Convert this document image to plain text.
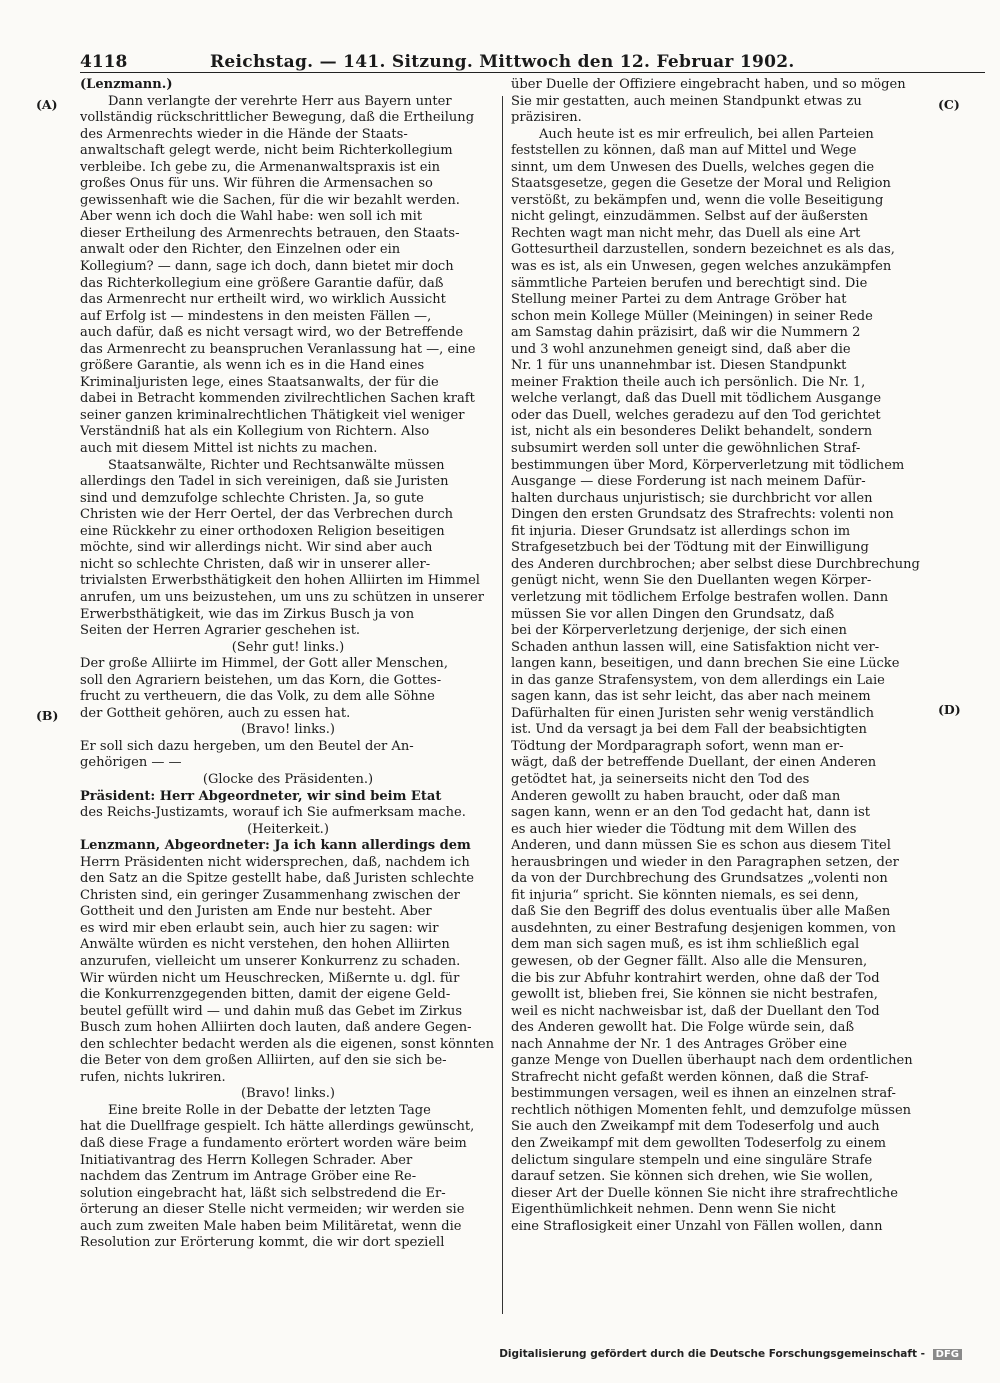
4118	Reichstag. — 141. Sitzung. Mittwoch den 12. Februar 1902.
(A)
(B)
(C)
(D)
(Lenzmann.)
Dann verlangte der verehrte Herr aus Bayern unter
vollständig rückschrittlicher Bewegung, daß die Ertheilung
des Armenrechts wieder in die Hände der Staats-
anwaltschaft gelegt werde, nicht beim Richterkollegium
verbleibe. Ich gebe zu, die Armenanwaltspraxis ist ein
großes Onus für uns. Wir führen die Armensachen so
gewissenhaft wie die Sachen, für die wir bezahlt werden.
Aber wenn ich doch die Wahl habe: wen soll ich mit
dieser Ertheilung des Armenrechts betrauen, den Staats-
anwalt oder den Richter, den Einzelnen oder ein
Kollegium? — dann, sage ich doch, dann bietet mir doch
das Richterkollegium eine größere Garantie dafür, daß
das Armenrecht nur ertheilt wird, wo wirklich Aussicht
auf Erfolg ist — mindestens in den meisten Fällen —,
auch dafür, daß es nicht versagt wird, wo der Betreffende
das Armenrecht zu beanspruchen Veranlassung hat —, eine
größere Garantie, als wenn ich es in die Hand eines
Kriminaljuristen lege, eines Staatsanwalts, der für die
dabei in Betracht kommenden zivilrechtlichen Sachen kraft
seiner ganzen kriminalrechtlichen Thätigkeit viel weniger
Verständniß hat als ein Kollegium von Richtern. Also
auch mit diesem Mittel ist nichts zu machen.
Staatsanwälte, Richter und Rechtsanwälte müssen
allerdings den Tadel in sich vereinigen, daß sie Juristen
sind und demzufolge schlechte Christen. Ja, so gute
Christen wie der Herr Oertel, der das Verbrechen durch
eine Rückkehr zu einer orthodoxen Religion beseitigen
möchte, sind wir allerdings nicht. Wir sind aber auch
nicht so schlechte Christen, daß wir in unserer aller-
trivialsten Erwerbsthätigkeit den hohen Alliirten im Himmel
anrufen, um uns beizustehen, um uns zu schützen in unserer
Erwerbsthätigkeit, wie das im Zirkus Busch ja von
Seiten der Herren Agrarier geschehen ist.
(Sehr gut! links.)
Der große Alliirte im Himmel, der Gott aller Menschen,
soll den Agrariern beistehen, um das Korn, die Gottes-
frucht zu vertheuern, die das Volk, zu dem alle Söhne
der Gottheit gehören, auch zu essen hat.
(Bravo! links.)
Er soll sich dazu hergeben, um den Beutel der An-
gehörigen — —
(Glocke des Präsidenten.)
Präsident: Herr Abgeordneter, wir sind beim Etat
des Reichs-Justizamts, worauf ich Sie aufmerksam mache.
(Heiterkeit.)
Lenzmann, Abgeordneter: Ja ich kann allerdings dem
Herrn Präsidenten nicht widersprechen, daß, nachdem ich
den Satz an die Spitze gestellt habe, daß Juristen schlechte
Christen sind, ein geringer Zusammenhang zwischen der
Gottheit und den Juristen am Ende nur besteht. Aber
es wird mir eben erlaubt sein, auch hier zu sagen: wir
Anwälte würden es nicht verstehen, den hohen Alliirten
anzurufen, vielleicht um unserer Konkurrenz zu schaden.
Wir würden nicht um Heuschrecken, Mißernte u. dgl. für
die Konkurrenzgegenden bitten, damit der eigene Geld-
beutel gefüllt wird — und dahin muß das Gebet im Zirkus
Busch zum hohen Alliirten doch lauten, daß andere Gegen-
den schlechter bedacht werden als die eigenen, sonst könnten
die Beter von dem großen Alliirten, auf den sie sich be-
rufen, nichts lukriren.
(Bravo! links.)
Eine breite Rolle in der Debatte der letzten Tage
hat die Duellfrage gespielt. Ich hätte allerdings gewünscht,
daß diese Frage a fundamento erörtert worden wäre beim
Initiativantrag des Herrn Kollegen Schrader. Aber
nachdem das Zentrum im Antrage Gröber eine Re-
solution eingebracht hat, läßt sich selbstredend die Er-
örterung an dieser Stelle nicht vermeiden; wir werden sie
auch zum zweiten Male haben beim Militäretat, wenn die
Resolution zur Erörterung kommt, die wir dort speziell
über Duelle der Offiziere eingebracht haben, und so mögen
Sie mir gestatten, auch meinen Standpunkt etwas zu
präzisiren.
Auch heute ist es mir erfreulich, bei allen Parteien
feststellen zu können, daß man auf Mittel und Wege
sinnt, um dem Unwesen des Duells, welches gegen die
Staatsgesetze, gegen die Gesetze der Moral und Religion
verstößt, zu bekämpfen und, wenn die volle Beseitigung
nicht gelingt, einzudämmen. Selbst auf der äußersten
Rechten wagt man nicht mehr, das Duell als eine Art
Gottesurtheil darzustellen, sondern bezeichnet es als das,
was es ist, als ein Unwesen, gegen welches anzukämpfen
sämmtliche Parteien berufen und berechtigt sind. Die
Stellung meiner Partei zu dem Antrage Gröber hat
schon mein Kollege Müller (Meiningen) in seiner Rede
am Samstag dahin präzisirt, daß wir die Nummern 2
und 3 wohl anzunehmen geneigt sind, daß aber die
Nr. 1 für uns unannehmbar ist. Diesen Standpunkt
meiner Fraktion theile auch ich persönlich. Die Nr. 1,
welche verlangt, daß das Duell mit tödlichem Ausgange
oder das Duell, welches geradezu auf den Tod gerichtet
ist, nicht als ein besonderes Delikt behandelt, sondern
subsumirt werden soll unter die gewöhnlichen Straf-
bestimmungen über Mord, Körperverletzung mit tödlichem
Ausgange — diese Forderung ist nach meinem Dafür-
halten durchaus unjuristisch; sie durchbricht vor allen
Dingen den ersten Grundsatz des Strafrechts: volenti non
fit injuria. Dieser Grundsatz ist allerdings schon im
Strafgesetzbuch bei der Tödtung mit der Einwilligung
des Anderen durchbrochen; aber selbst diese Durchbrechung
genügt nicht, wenn Sie den Duellanten wegen Körper-
verletzung mit tödlichem Erfolge bestrafen wollen. Dann
müssen Sie vor allen Dingen den Grundsatz, daß
bei der Körperverletzung derjenige, der sich einen
Schaden anthun lassen will, eine Satisfaktion nicht ver-
langen kann, beseitigen, und dann brechen Sie eine Lücke
in das ganze Strafensystem, von dem allerdings ein Laie
sagen kann, das ist sehr leicht, das aber nach meinem
Dafürhalten für einen Juristen sehr wenig verständlich
ist. Und da versagt ja bei dem Fall der beabsichtigten
Tödtung der Mordparagraph sofort, wenn man er-
wägt, daß der betreffende Duellant, der einen Anderen
getödtet hat, ja seinerseits nicht den Tod des
Anderen gewollt zu haben braucht, oder daß man
sagen kann, wenn er an den Tod gedacht hat, dann ist
es auch hier wieder die Tödtung mit dem Willen des
Anderen, und dann müssen Sie es schon aus diesem Titel
herausbringen und wieder in den Paragraphen setzen, der
da von der Durchbrechung des Grundsatzes „volenti non
fit injuria“ spricht. Sie könnten niemals, es sei denn,
daß Sie den Begriff des dolus eventualis über alle Maßen
ausdehnten, zu einer Bestrafung desjenigen kommen, von
dem man sich sagen muß, es ist ihm schließlich egal
gewesen, ob der Gegner fällt. Also alle die Mensuren,
die bis zur Abfuhr kontrahirt werden, ohne daß der Tod
gewollt ist, blieben frei, Sie können sie nicht bestrafen,
weil es nicht nachweisbar ist, daß der Duellant den Tod
des Anderen gewollt hat. Die Folge würde sein, daß
nach Annahme der Nr. 1 des Antrages Gröber eine
ganze Menge von Duellen überhaupt nach dem ordentlichen
Strafrecht nicht gefaßt werden können, daß die Straf-
bestimmungen versagen, weil es ihnen an einzelnen straf-
rechtlich nöthigen Momenten fehlt, und demzufolge müssen
Sie auch den Zweikampf mit dem Todeserfolg und auch
den Zweikampf mit dem gewollten Todeserfolg zu einem
delictum singulare stempeln und eine singuläre Strafe
darauf setzen. Sie können sich drehen, wie Sie wollen,
dieser Art der Duelle können Sie nicht ihre strafrechtliche
Eigenthümlichkeit nehmen. Denn wenn Sie nicht
eine Straflosigkeit einer Unzahl von Fällen wollen, dann
Digitalisierung gefördert durch die Deutsche Forschungsgemeinschaft - DFG
